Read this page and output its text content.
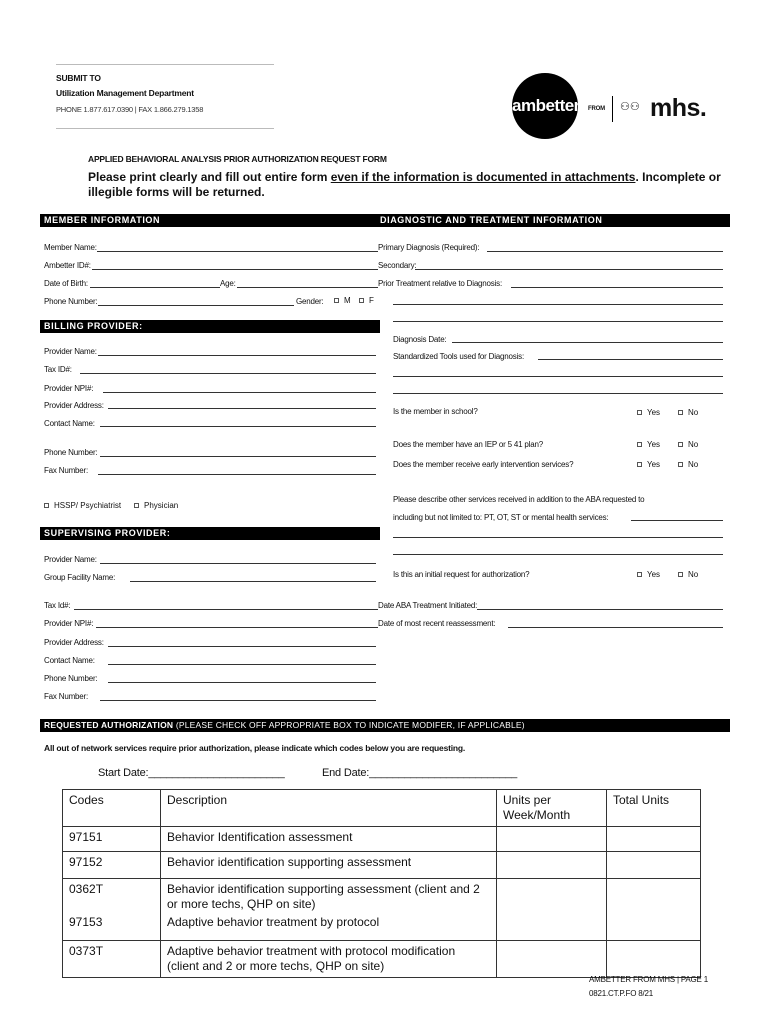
SUBMIT TO
Utilization Management Department
PHONE 1.877.617.0390 | FAX 1.866.279.1358	ambetter. FROM ⚇⚇ mhs.
APPLIED BEHAVIORAL ANALYSIS PRIOR AUTHORIZATION REQUEST FORM
Please print clearly and fill out entire form even if the information is documented in attachments. Incomplete or illegible forms will be returned.
MEMBER INFORMATION	DIAGNOSTIC AND TREATMENT INFORMATION
Member Name:
Ambetter ID#:
Date of Birth:	Age:
Phone Number:	Gender:	M	F
Primary Diagnosis (Required):
Secondary:
Prior Treatment relative to Diagnosis:
Diagnosis Date:
Standardized Tools used for Diagnosis:
Is the member in school?	Yes	No
Does the member have an IEP or 5 41 plan?	Yes	No
Does the member receive early intervention services?	Yes	No
Please describe other services received in addition to the ABA requested to
including but not limited to: PT, OT, ST or mental health services:
Is this an initial request for authorization?	Yes	No
BILLING PROVIDER:
Provider Name:
Tax ID#:
Provider NPI#:
Provider Address:
Contact Name:
Phone Number:
Fax Number:
HSSP/ Psychiatrist	Physician
SUPERVISING PROVIDER:
Provider Name:
Group Facility Name:
Tax Id#:	Date ABA Treatment Initiated:
Provider NPI#:	Date of most recent reassessment:
Provider Address:
Contact Name:
Phone Number:
Fax Number:
REQUESTED AUTHORIZATION (PLEASE CHECK OFF APPROPRIATE BOX TO INDICATE MODIFER, IF APPLICABLE)
All out of network services require prior authorization, please indicate which codes below you are requesting.
Start Date:_______________________	End Date:_________________________
Codes	Description	Units per Week/Month	Total Units
97151	Behavior Identification assessment		
97152	Behavior identification supporting assessment		
0362T	Behavior identification supporting assessment (client and 2 or more techs, QHP on site)		
97153	Adaptive behavior treatment by protocol		
0373T	Adaptive behavior treatment with protocol modification (client and 2 or more techs, QHP on site)		
AMBETTER FROM MHS | PAGE 1
0821.CT.P.FO 8/21
